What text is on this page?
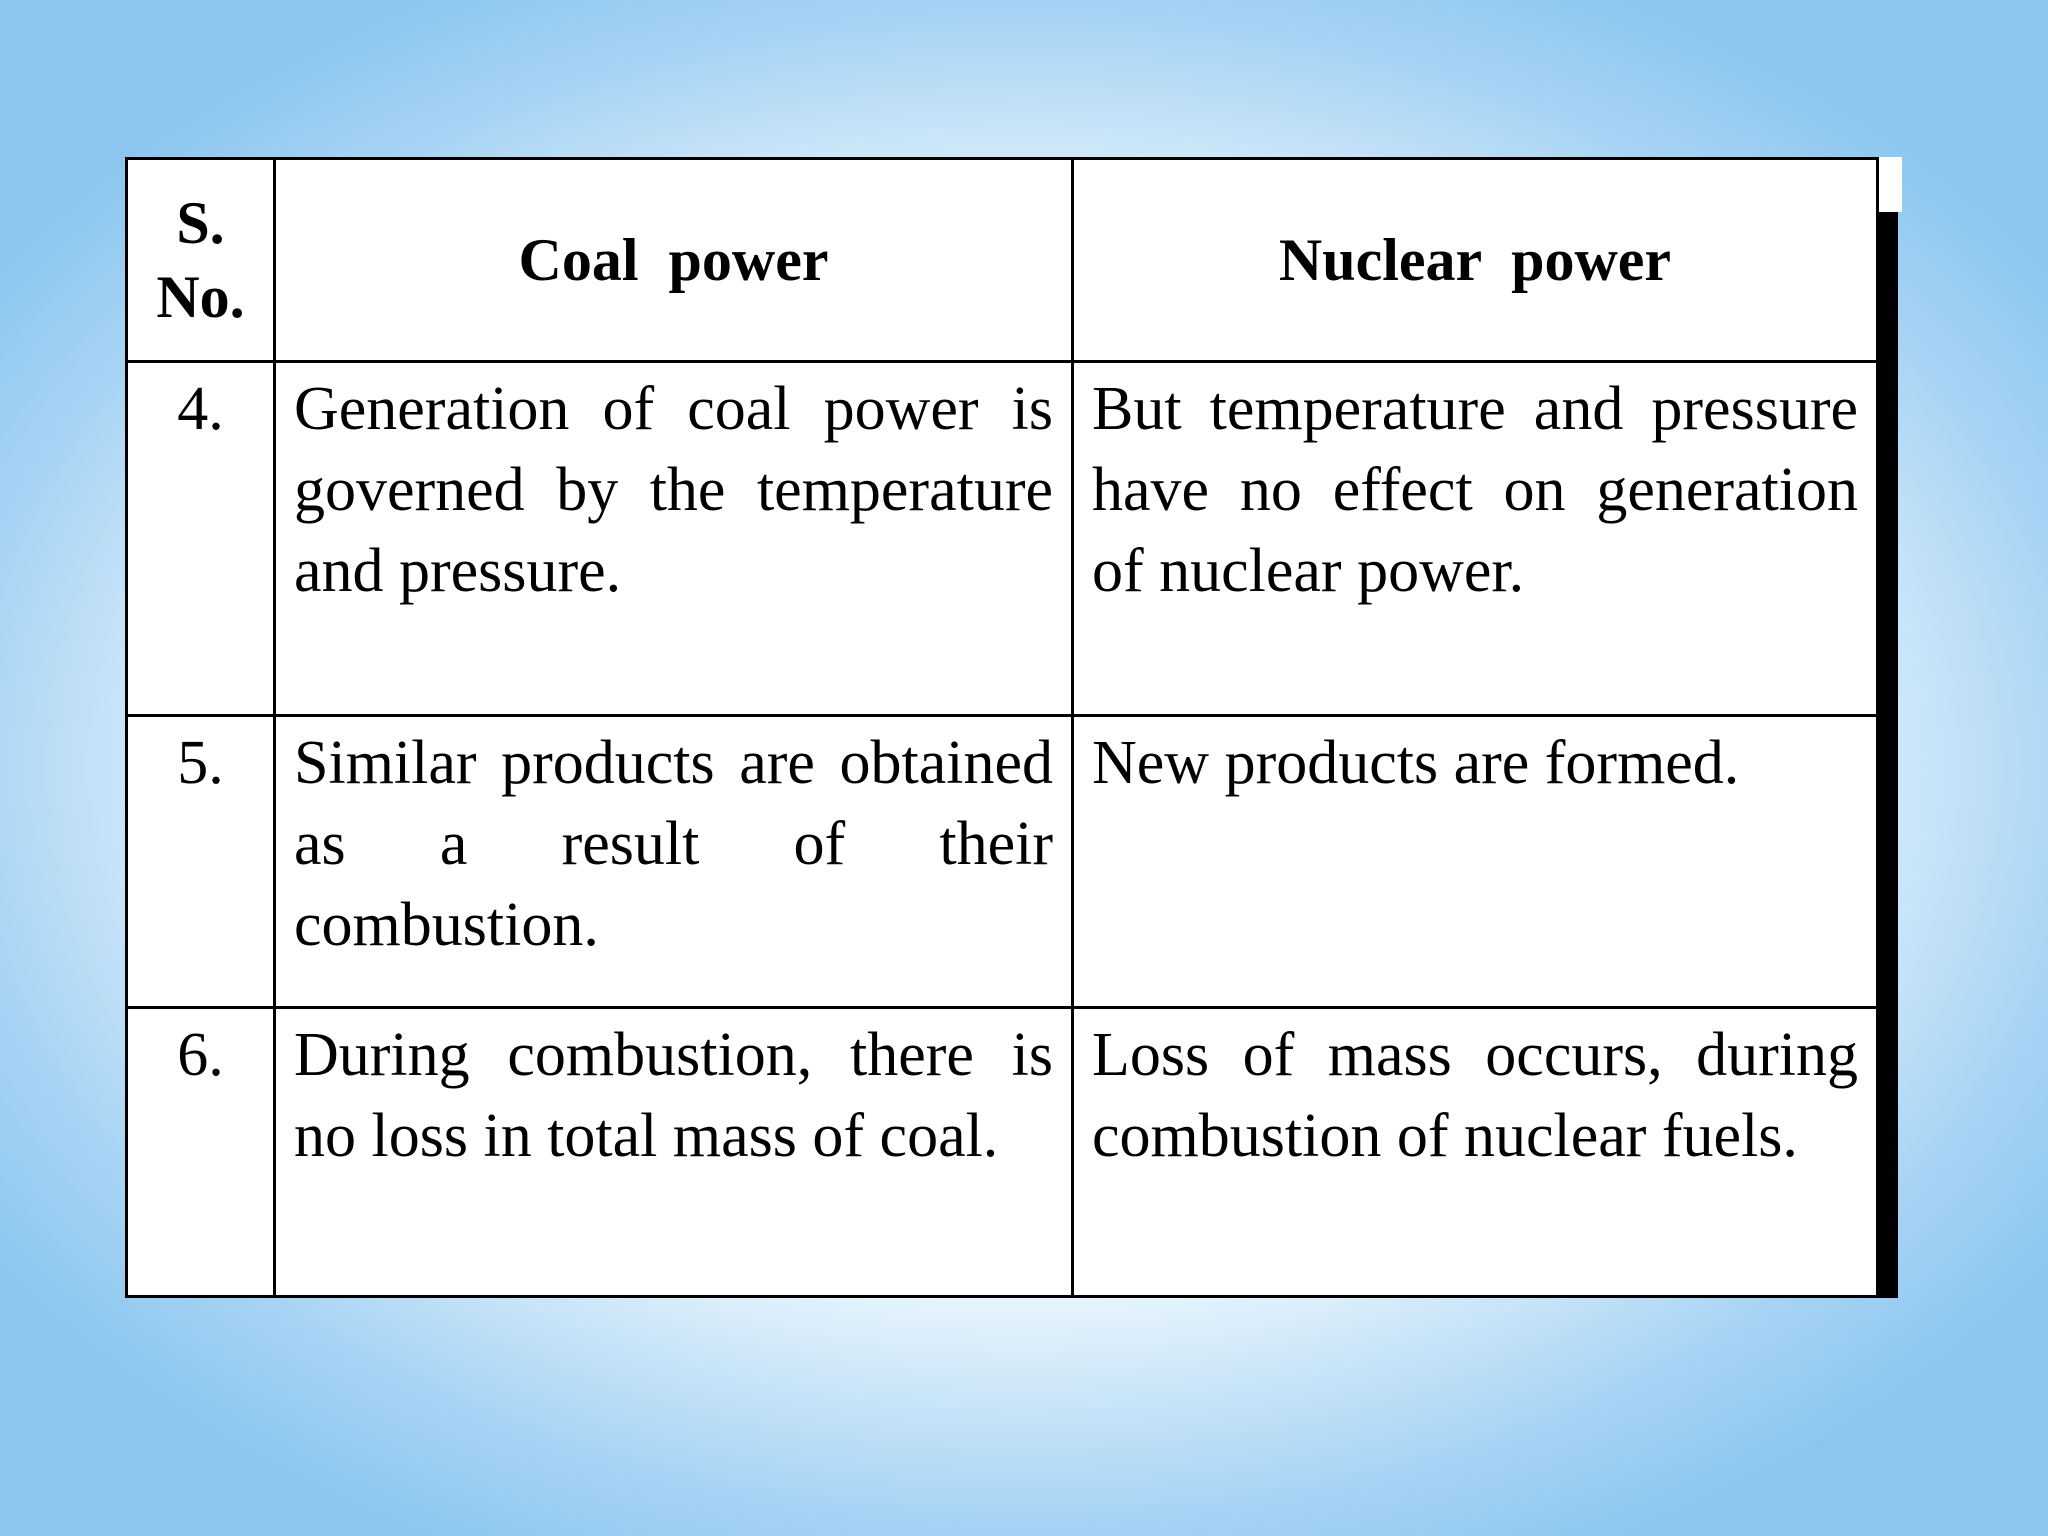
S.
No.	Coal  power	Nuclear  power
4.	Generation of coal power is governed by the temperature and pressure.	But temperature and pressure have no effect on generation of nuclear power.
5.	Similar products are obtained as a result of their combustion.	New products are formed.
6.	During combustion, there is no loss in total mass of coal.	Loss of mass occurs, during combustion of nuclear fuels.
